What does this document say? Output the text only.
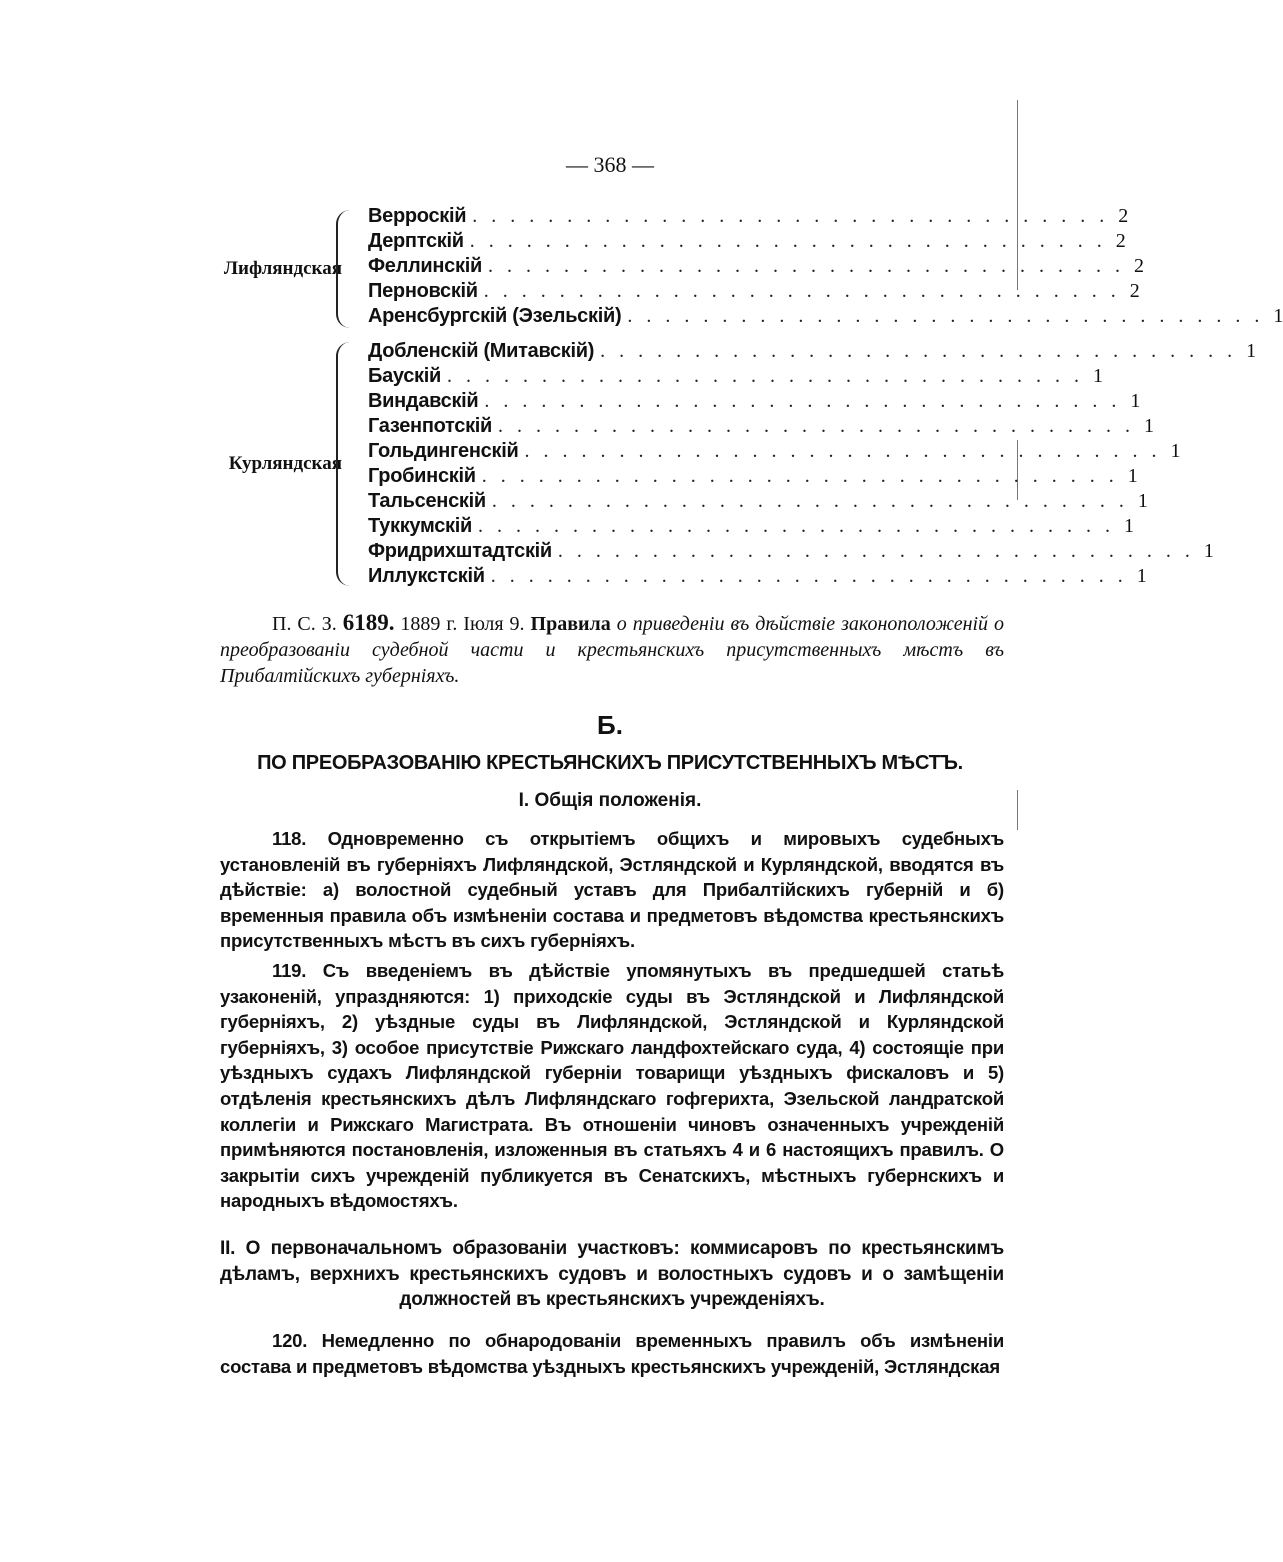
— 368 —
Лифляндская
Верроскій .................................. 2
Дерптскій .................................. 2
Феллинскій .................................. 2
Перновскій .................................. 2
Аренсбургскій (Эзельскій) .................................. 1
Курляндская
Добленскій (Митавскій) .................................. 1
Баускій .................................. 1
Виндавскій .................................. 1
Газенпотскій .................................. 1
Гольдингенскій .................................. 1
Гробинскій .................................. 1
Тальсенскій .................................. 1
Туккумскій .................................. 1
Фридрихштадтскій .................................. 1
Иллукстскій .................................. 1
П. С. З. 6189. 1889 г. Іюля 9. Правила о приведеніи въ дѣйствіе законоположеній о преобразованіи судебной части и крестьянскихъ присутственныхъ мѣстъ въ Прибалтійскихъ губерніяхъ.
Б.
ПО ПРЕОБРАЗОВАНІЮ КРЕСТЬЯНСКИХЪ ПРИСУТСТВЕННЫХЪ МѢСТЪ.
I. Общія положенія.
118. Одновременно съ открытіемъ общихъ и мировыхъ судебныхъ установленій въ губерніяхъ Лифляндской, Эстляндской и Курляндской, вводятся въ дѣйствіе: а) волостной судебный уставъ для Прибалтійскихъ губерній и б) временныя правила объ измѣненіи состава и предметовъ вѣдомства крестьянскихъ присутственныхъ мѣстъ въ сихъ губерніяхъ.
119. Съ введеніемъ въ дѣйствіе упомянутыхъ въ предшедшей статьѣ узаконеній, упраздняются: 1) приходскіе суды въ Эстляндской и Лифляндской губерніяхъ, 2) уѣздные суды въ Лифляндской, Эстляндской и Курляндской губерніяхъ, 3) особое присутствіе Рижскаго ландфохтейскаго суда, 4) состоящіе при уѣздныхъ судахъ Лифляндской губерніи товарищи уѣздныхъ фискаловъ и 5) отдѣленія крестьянскихъ дѣлъ Лифляндскаго гофгерихта, Эзельской ландратской коллегіи и Рижскаго Магистрата. Въ отношеніи чиновъ означенныхъ учрежденій примѣняются постановленія, изложенныя въ статьяхъ 4 и 6 настоящихъ правилъ. О закрытіи сихъ учрежденій публикуется въ Сенатскихъ, мѣстныхъ губернскихъ и народныхъ вѣдомостяхъ.
II. О первоначальномъ образованіи участковъ: коммисаровъ по крестьянскимъ дѣламъ, верхнихъ крестьянскихъ судовъ и волостныхъ судовъ и о замѣщеніи должностей въ крестьянскихъ учрежденіяхъ.
120. Немедленно по обнародованіи временныхъ правилъ объ измѣненіи состава и предметовъ вѣдомства уѣздныхъ крестьянскихъ учрежденій, Эстляндская
